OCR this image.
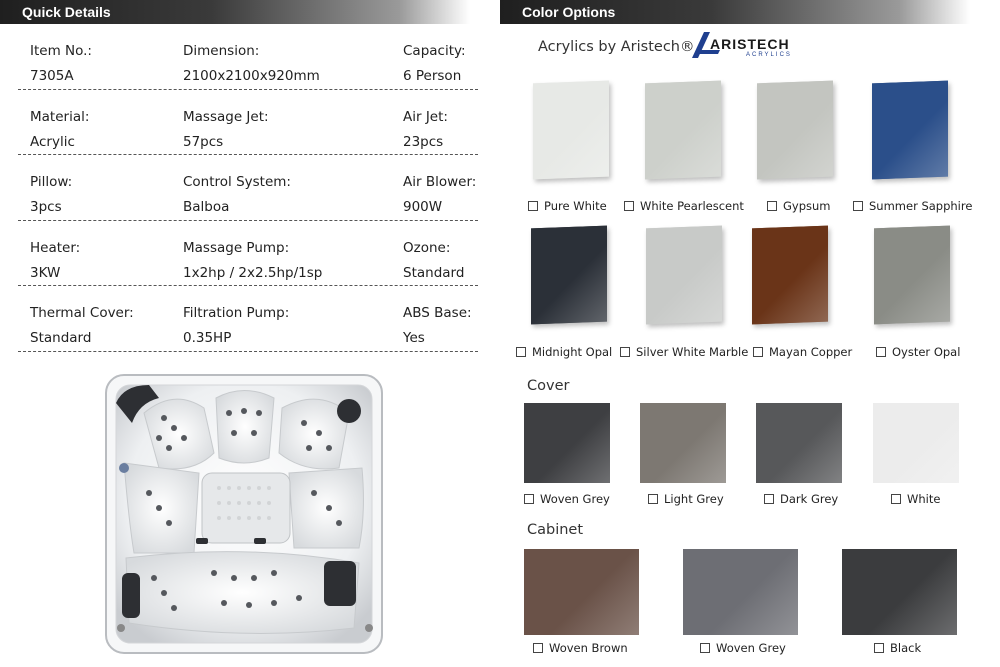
Quick Details
Item No.:
7305A
Dimension:
2100x2100x920mm
Capacity:
6 Person
Material:
Acrylic
Massage Jet:
57pcs
Air Jet:
23pcs
Pillow:
3pcs
Control System:
Balboa
Air Blower:
900W
Heater:
3KW
Massage Pump:
1x2hp / 2x2.5hp/1sp
Ozone:
Standard
Thermal Cover:
Standard
Filtration Pump:
0.35HP
ABS Base:
Yes
Color Options
Acrylics by Aristech® ARISTECH
ACRYLICS
Pure White	White Pearlescent	Gypsum	Summer Sapphire
Midnight Opal Silver White Marble Mayan Copper	Oyster Opal
Cover
Woven Grey	Light Grey	Dark Grey	White
Cabinet
Woven Brown	Woven Grey	Black
